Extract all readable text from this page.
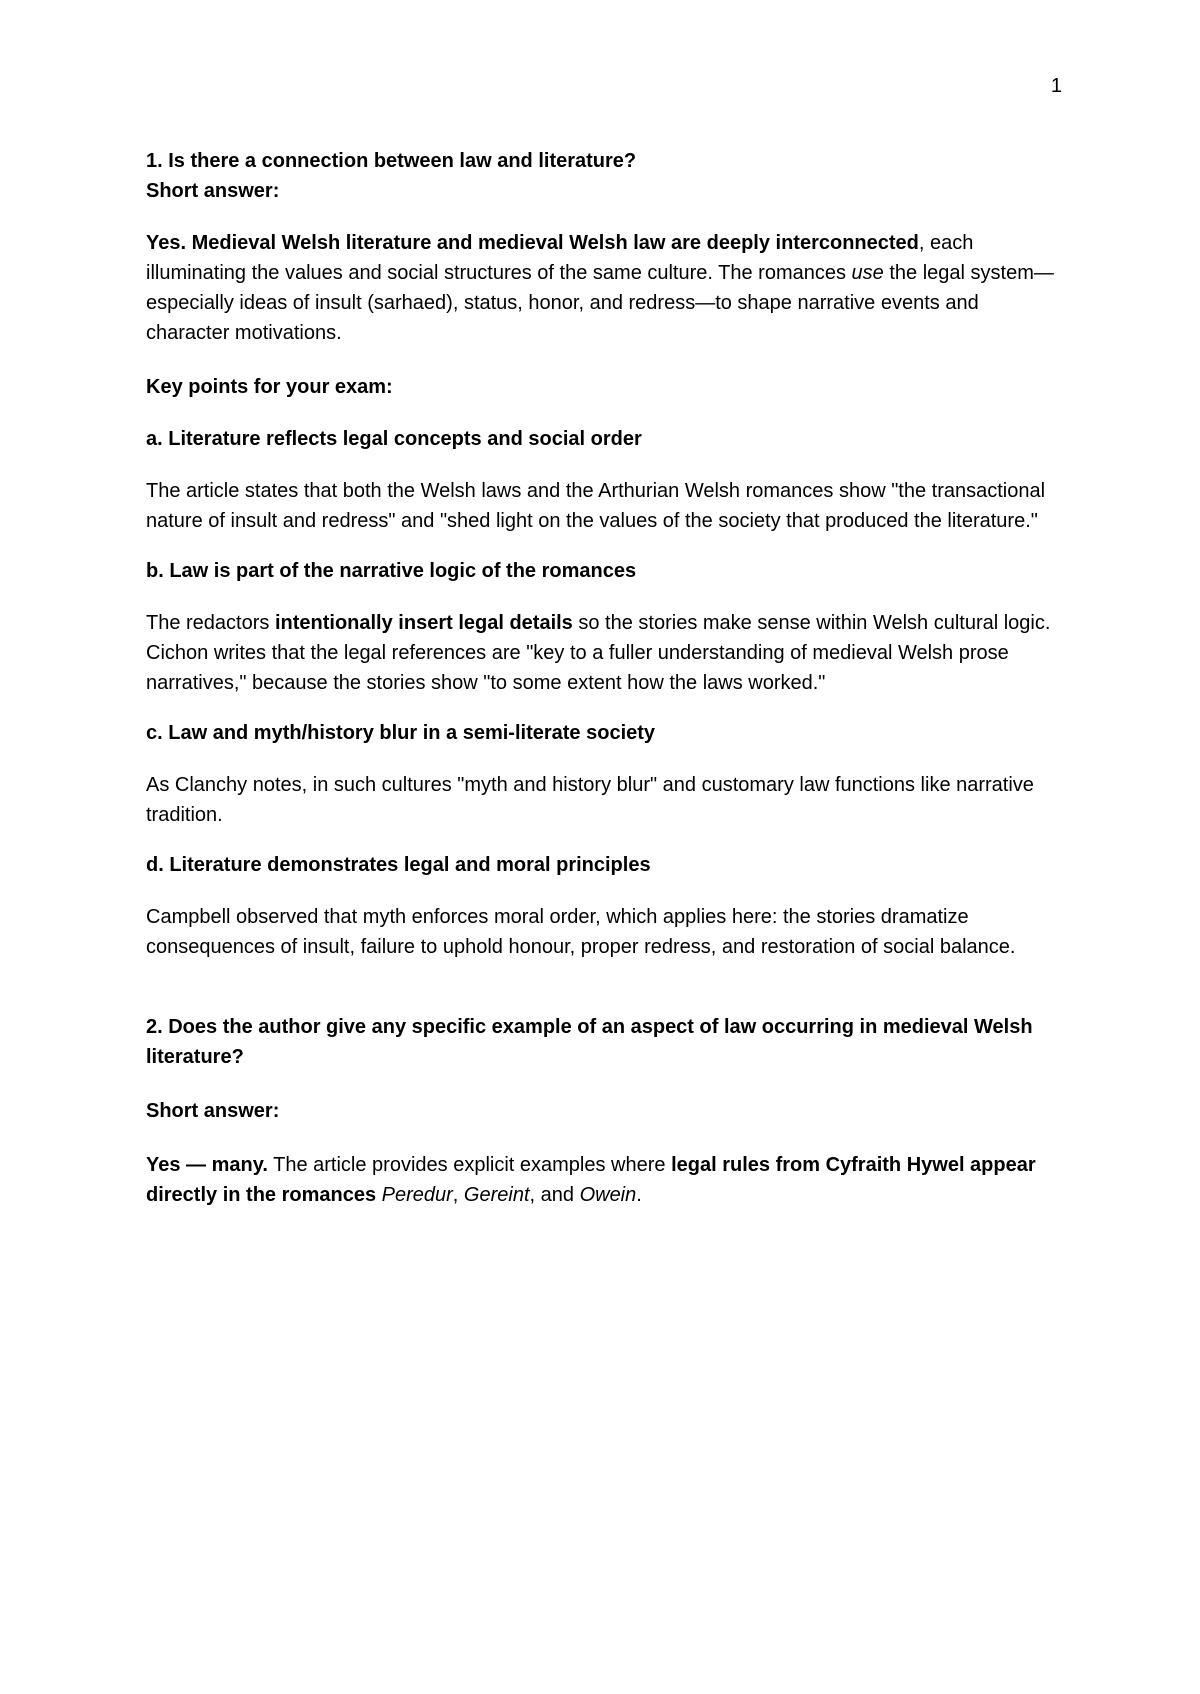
1

1. Is there a connection between law and literature?

Short answer:

Yes. Medieval Welsh literature and medieval Welsh law are deeply interconnected, each illuminating the values and social structures of the same culture. The romances use the legal system—especially ideas of insult (sarhaed), status, honor, and redress—to shape narrative events and character motivations.

Key points for your exam:

a. Literature reflects legal concepts and social order

The article states that both the Welsh laws and the Arthurian Welsh romances show "the transactional nature of insult and redress" and "shed light on the values of the society that produced the literature."

b. Law is part of the narrative logic of the romances

The redactors intentionally insert legal details so the stories make sense within Welsh cultural logic. Cichon writes that the legal references are "key to a fuller understanding of medieval Welsh prose narratives," because the stories show "to some extent how the laws worked."

c. Law and myth/history blur in a semi-literate society

As Clanchy notes, in such cultures "myth and history blur" and customary law functions like narrative tradition.

d. Literature demonstrates legal and moral principles

Campbell observed that myth enforces moral order, which applies here: the stories dramatize consequences of insult, failure to uphold honour, proper redress, and restoration of social balance.

2. Does the author give any specific example of an aspect of law occurring in medieval Welsh literature?

Short answer:

Yes — many. The article provides explicit examples where legal rules from Cyfraith Hywel appear directly in the romances Peredur, Gereint, and Owein.
